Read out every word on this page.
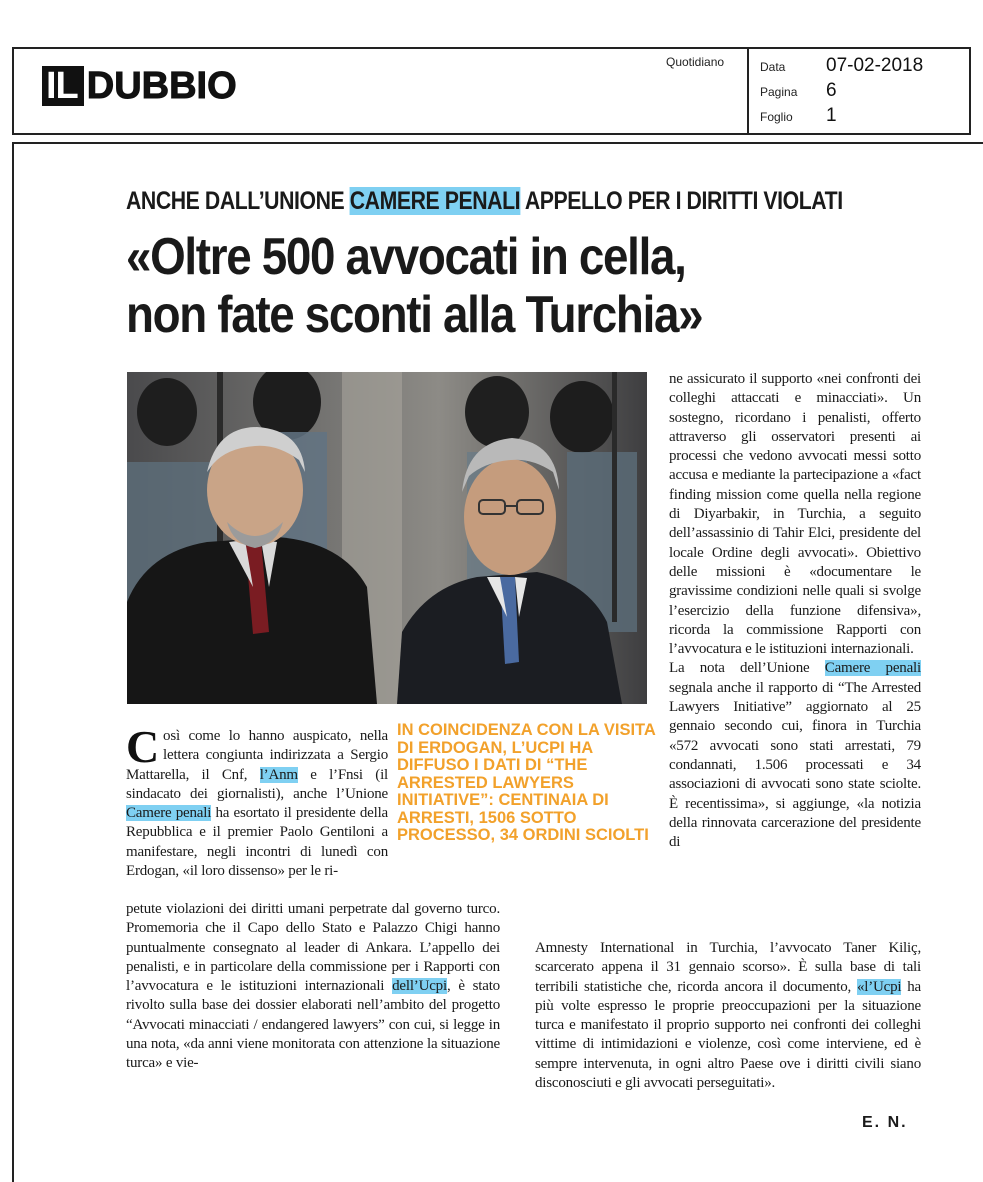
IL DUBBIO
Quotidiano	Data	07-02-2018
Pagina	6
Foglio	1
ANCHE DALL’UNIONE CAMERE PENALI APPELLO PER I DIRITTI VIOLATI
«Oltre 500 avvocati in cella,
non fate sconti alla Turchia»

ne assicurato il supporto «nei confronti dei colleghi attaccati e minacciati». Un sostegno, ricordano i penalisti, offerto attraverso gli osservatori presenti ai processi che vedono avvocati messi sotto accusa e mediante la partecipazione a «fact finding mission come quella nella regione di Diyarbakir, in Turchia, a seguito dell’assassinio di Tahir Elci, presidente del locale Ordine degli avvocati». Obiettivo delle missioni è «documentare le gravissime condizioni nelle quali si svolge l’esercizio della funzione difensiva», ricorda la commissione Rapporti con l’avvocatura e le istituzioni internazionali.

La nota dell’Unione Camere penali segnala anche il rapporto di “The Arrested Lawyers Initiative” aggiornato al 25 gennaio secondo cui, finora in Turchia «572 avvocati sono stati arrestati, 79 condannati, 1.506 processati e 34 associazioni di avvocati sono state sciolte. È recentissima», si aggiunge, «la notizia della rinnovata carcerazione del presidente di

Così come lo hanno auspicato, nella lettera congiunta indirizzata a Sergio Mattarella, il Cnf, l’Anm e l’Fnsi (il sindacato dei giornalisti), anche l’Unione Camere penali ha esortato il presidente della Repubblica e il premier Paolo Gentiloni a manifestare, negli incontri di lunedì con Erdogan, «il loro dissenso» per le ri-

IN COINCIDENZA CON LA VISITA DI ERDOGAN, L’UCPI HA DIFFUSO I DATI DI “THE ARRESTED LAWYERS INITIATIVE”: CENTINAIA DI ARRESTI, 1506 SOTTO PROCESSO, 34 ORDINI SCIOLTI

petute violazioni dei diritti umani perpetrate dal governo turco. Promemoria che il Capo dello Stato e Palazzo Chigi hanno puntualmente consegnato al leader di Ankara. L’appello dei penalisti, e in particolare della commissione per i Rapporti con l’avvocatura e le istituzioni internazionali dell’Ucpi, è stato rivolto sulla base dei dossier elaborati nell’ambito del progetto “Avvocati minacciati / endangered lawyers” con cui, si legge in una nota, «da anni viene monitorata con attenzione la situazione turca» e vie-

Amnesty International in Turchia, l’avvocato Taner Kiliç, scarcerato appena il 31 gennaio scorso». È sulla base di tali terribili statistiche che, ricorda ancora il documento, «l’Ucpi ha più volte espresso le proprie preoccupazioni per la situazione turca e manifestato il proprio supporto nei confronti dei colleghi vittime di intimidazioni e violenze, così come interviene, ed è sempre intervenuta, in ogni altro Paese ove i diritti civili siano disconosciuti e gli avvocati perseguitati».

E. N.
